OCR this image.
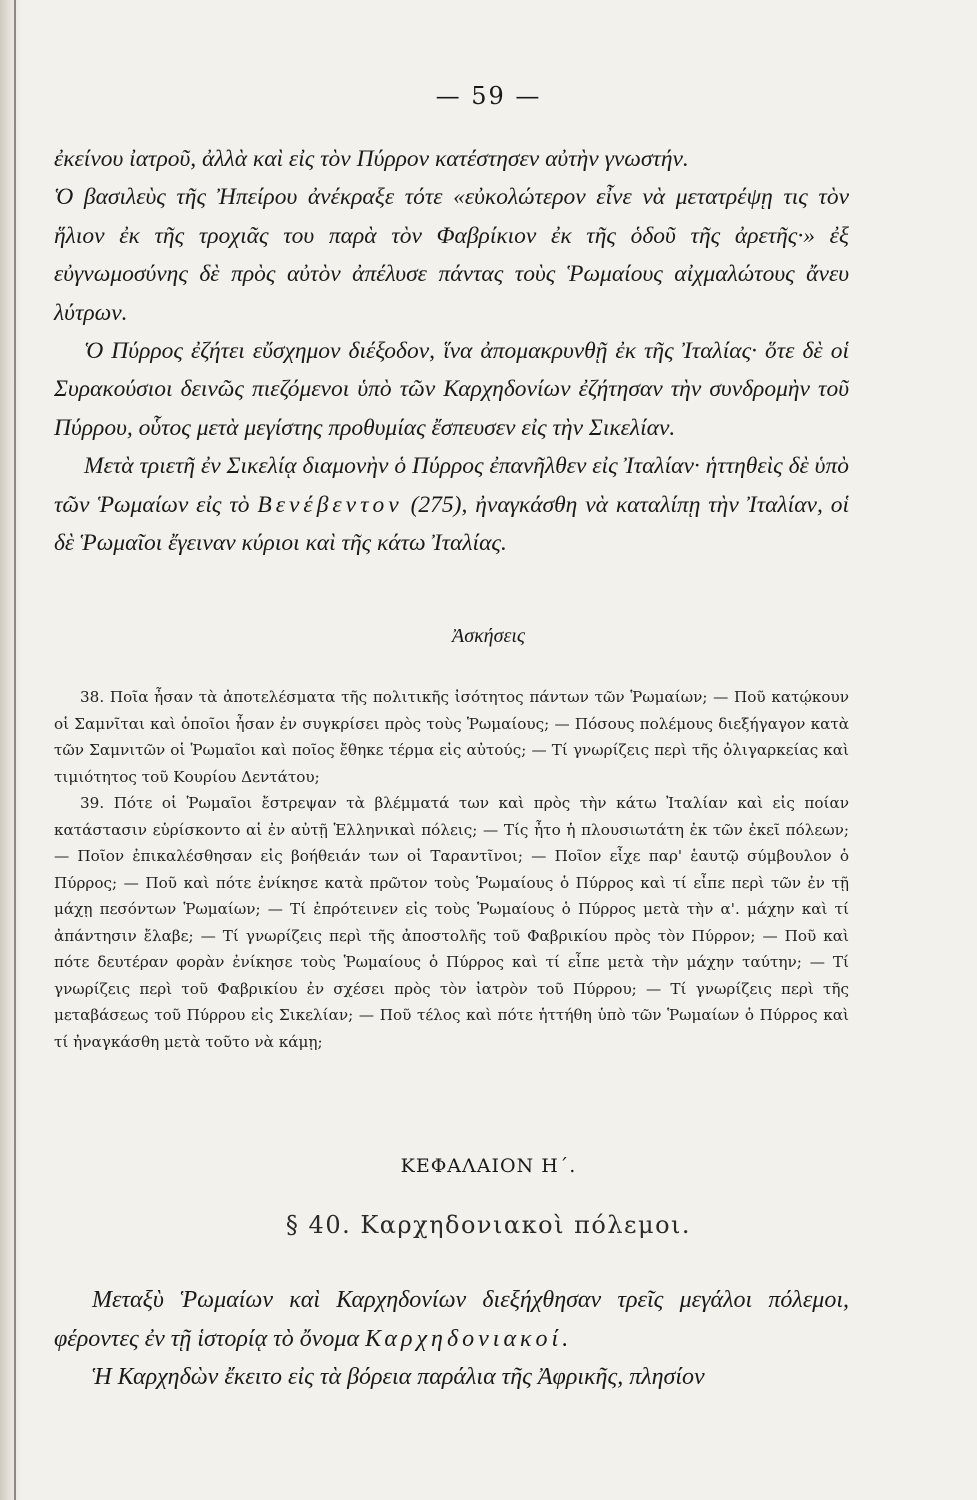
— 59 —

ἐκείνου ἰατροῦ, ἀλλὰ καὶ εἰς τὸν Πύρρον κατέστησεν αὐτὴν γνωστήν.

Ὁ βασιλεὺς τῆς Ἠπείρου ἀνέκραξε τότε «εὐκολώτερον εἶνε νὰ μετατρέψῃ τις τὸν ἥλιον ἐκ τῆς τροχιᾶς του παρὰ τὸν Φαβρίκιον ἐκ τῆς ὁδοῦ τῆς ἀρετῆς·» ἐξ εὐγνωμοσύνης δὲ πρὸς αὐτὸν ἀπέλυσε πάντας τοὺς Ῥωμαίους αἰχμαλώτους ἄνευ λύτρων.

Ὁ Πύρρος ἐζήτει εὔσχημον διέξοδον, ἵνα ἀπομακρυνθῇ ἐκ τῆς Ἰταλίας· ὅτε δὲ οἱ Συρακούσιοι δεινῶς πιεζόμενοι ὑπὸ τῶν Καρχηδονίων ἐζήτησαν τὴν συνδρομὴν τοῦ Πύρρου, οὗτος μετὰ μεγίστης προθυμίας ἔσπευσεν εἰς τὴν Σικελίαν.

Μετὰ τριετῆ ἐν Σικελίᾳ διαμονὴν ὁ Πύρρος ἐπανῆλθεν εἰς Ἰταλίαν· ἡττηθεὶς δὲ ὑπὸ τῶν Ῥωμαίων εἰς τὸ Βενέβεντον (275), ἠναγκάσθη νὰ καταλίπῃ τὴν Ἰταλίαν, οἱ δὲ Ῥωμαῖοι ἔγειναν κύριοι καὶ τῆς κάτω Ἰταλίας.

Ἀσκήσεις

38. Ποῖα ἦσαν τὰ ἀποτελέσματα τῆς πολιτικῆς ἰσότητος πάντων τῶν Ῥωμαίων; — Ποῦ κατῴκουν οἱ Σαμνῖται καὶ ὁποῖοι ἦσαν ἐν συγκρίσει πρὸς τοὺς Ῥωμαίους; — Πόσους πολέμους διεξήγαγον κατὰ τῶν Σαμνιτῶν οἱ Ῥωμαῖοι καὶ ποῖος ἔθηκε τέρμα εἰς αὐτούς; — Τί γνωρίζεις περὶ τῆς ὀλιγαρκείας καὶ τιμιότητος τοῦ Κουρίου Δεντάτου;

39. Πότε οἱ Ῥωμαῖοι ἔστρεψαν τὰ βλέμματά των καὶ πρὸς τὴν κάτω Ἰταλίαν καὶ εἰς ποίαν κατάστασιν εὑρίσκοντο αἱ ἐν αὐτῇ Ἑλληνικαὶ πόλεις; — Τίς ἦτο ἡ πλουσιωτάτη ἐκ τῶν ἐκεῖ πόλεων; — Ποῖον ἐπικαλέσθησαν εἰς βοήθειάν των οἱ Ταραντῖνοι; — Ποῖον εἶχε παρ' ἑαυτῷ σύμβουλον ὁ Πύρρος; — Ποῦ καὶ πότε ἐνίκησε κατὰ πρῶτον τοὺς Ῥωμαίους ὁ Πύρρος καὶ τί εἶπε περὶ τῶν ἐν τῇ μάχῃ πεσόντων Ῥωμαίων; — Τί ἐπρότεινεν εἰς τοὺς Ῥωμαίους ὁ Πύρρος μετὰ τὴν α'. μάχην καὶ τί ἀπάντησιν ἔλαβε; — Τί γνωρίζεις περὶ τῆς ἀποστολῆς τοῦ Φαβρικίου πρὸς τὸν Πύρρον; — Ποῦ καὶ πότε δευτέραν φορὰν ἐνίκησε τοὺς Ῥωμαίους ὁ Πύρρος καὶ τί εἶπε μετὰ τὴν μάχην ταύτην; — Τί γνωρίζεις περὶ τοῦ Φαβρικίου ἐν σχέσει πρὸς τὸν ἰατρὸν τοῦ Πύρρου; — Τί γνωρίζεις περὶ τῆς μεταβάσεως τοῦ Πύρρου εἰς Σικελίαν; — Ποῦ τέλος καὶ πότε ἡττήθη ὑπὸ τῶν Ῥωμαίων ὁ Πύρρος καὶ τί ἠναγκάσθη μετὰ τοῦτο νὰ κάμῃ;

ΚΕΦΑΛΑΙΟΝ Η΄.
§ 40. Καρχηδονιακοὶ πόλεμοι.

Μεταξὺ Ῥωμαίων καὶ Καρχηδονίων διεξήχθησαν τρεῖς μεγάλοι πόλεμοι, φέροντες ἐν τῇ ἱστορίᾳ τὸ ὄνομα Καρχηδονιακοί.

Ἡ Καρχηδὼν ἔκειτο εἰς τὰ βόρεια παράλια τῆς Ἀφρικῆς, πλησίον
